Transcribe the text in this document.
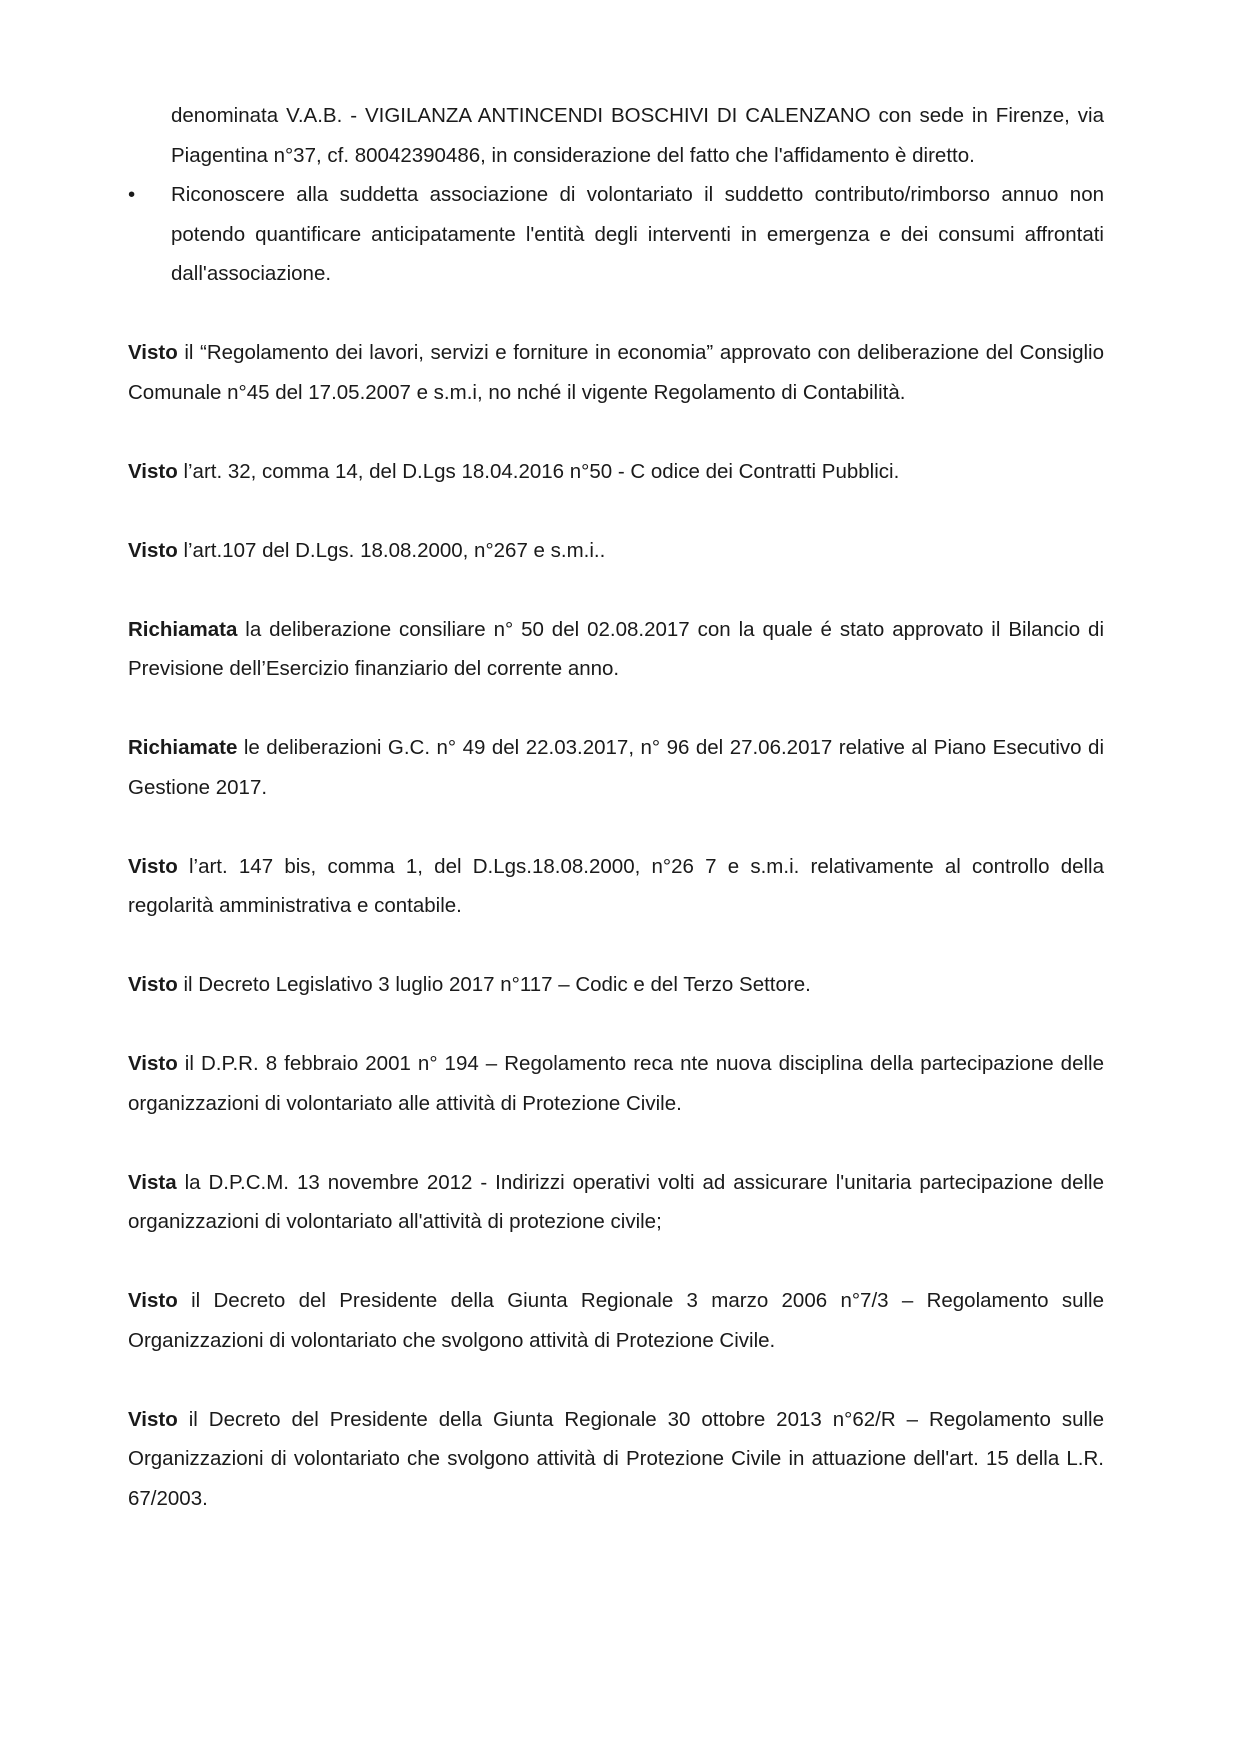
denominata V.A.B. - VIGILANZA ANTINCENDI BOSCHIVI DI CALENZANO con sede in Firenze, via Piagentina n°37, cf. 80042390486, in considerazione del fatto che l'affidamento è diretto.

•	Riconoscere alla suddetta associazione di volontariato il suddetto contributo/rimborso annuo non potendo quantificare anticipatamente l'entità degli interventi in emergenza e dei consumi affrontati dall'associazione.

Visto il “Regolamento dei lavori, servizi e forniture in economia” approvato con deliberazione del Consiglio Comunale n°45 del 17.05.2007 e s.m.i, no nché il vigente Regolamento di Contabilità.

Visto l’art. 32, comma 14, del D.Lgs 18.04.2016 n°50 - C odice dei Contratti Pubblici.

Visto l’art.107 del D.Lgs. 18.08.2000, n°267 e s.m.i..

Richiamata la deliberazione consiliare n° 50 del 02.08.2017 con la quale é stato approvato il Bilancio di Previsione dell’Esercizio finanziario del corrente anno.

Richiamate le deliberazioni G.C. n° 49 del 22.03.2017, n° 96 del 27.06.2017 relative al Piano Esecutivo di Gestione 2017.

Visto l’art. 147 bis, comma 1, del D.Lgs.18.08.2000, n°26 7 e s.m.i. relativamente al controllo della regolarità amministrativa e contabile.

Visto il Decreto Legislativo 3 luglio 2017 n°117 – Codic e del Terzo Settore.

Visto il D.P.R. 8 febbraio 2001 n° 194 – Regolamento reca nte nuova disciplina della partecipazione delle organizzazioni di volontariato alle attività di Protezione Civile.

Vista la D.P.C.M. 13 novembre 2012 - Indirizzi operativi volti ad assicurare l'unitaria partecipazione delle organizzazioni di volontariato all'attività di protezione civile;

Visto il Decreto del Presidente della Giunta Regionale 3 marzo 2006 n°7/3 – Regolamento sulle Organizzazioni di volontariato che svolgono attività di Protezione Civile.

Visto il Decreto del Presidente della Giunta Regionale 30 ottobre 2013 n°62/R – Regolamento sulle Organizzazioni di volontariato che svolgono attività di Protezione Civile in attuazione dell'art. 15 della L.R. 67/2003.
